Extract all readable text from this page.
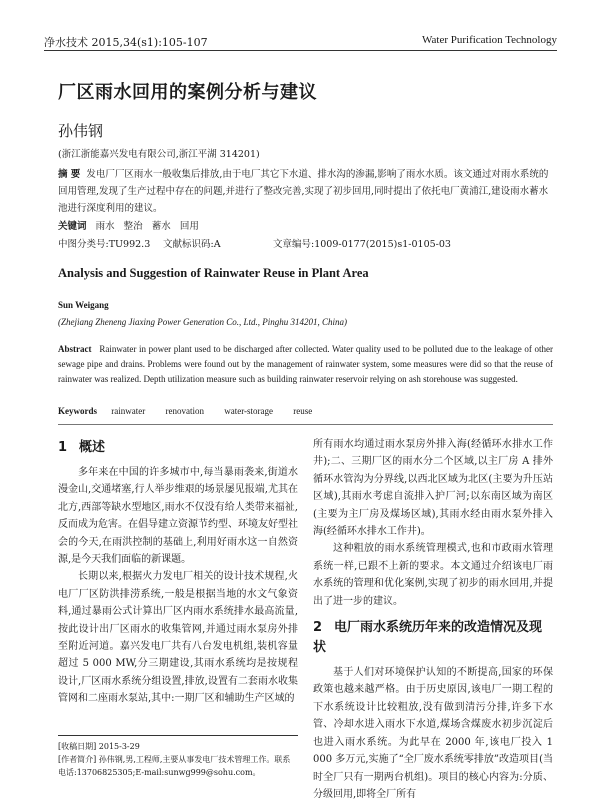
净水技术 2015,34(s1):105-107	Water Purification Technology
厂区雨水回用的案例分析与建议
孙伟钢
(浙江浙能嘉兴发电有限公司,浙江平湖 314201)
摘 要 发电厂厂区雨水一般收集后排放,由于电厂其它下水道、排水沟的渗漏,影响了雨水水质。该文通过对雨水系统的回用管理,发现了生产过程中存在的问题,并进行了整改完善,实现了初步回用,同时提出了依托电厂黄浦江,建设雨水蓄水池进行深度利用的建议。
关键词 雨水 整治 蓄水 回用
中图分类号:TU992.3 文献标识码:A	文章编号:1009-0177(2015)s1-0105-03
Analysis and Suggestion of Rainwater Reuse in Plant Area
Sun Weigang
(Zhejiang Zheneng Jiaxing Power Generation Co., Ltd., Pinghu 314201, China)
Abstract Rainwater in power plant used to be discharged after collected. Water quality used to be polluted due to the leakage of other sewage pipe and drains. Problems were found out by the management of rainwater system, some measures were did so that the reuse of rainwater was realized. Depth utilization measure such as building rainwater reservoir relying on ash storehouse was suggested.
Keywords rainwater renovation water-storage reuse
1 概述

多年来在中国的许多城市中,每当暴雨袭来,街道水漫金山,交通堵塞,行人举步维艰的场景屡见报端,尤其在北方,西部等缺水型地区,雨水不仅没有给人类带来福祉,反而成为危害。在倡导建立资源节约型、环境友好型社会的今天,在雨洪控制的基础上,利用好雨水这一自然资源,是今天我们面临的新课题。

长期以来,根据火力发电厂相关的设计技术规程,火电厂厂区防洪排涝系统,一般是根据当地的水文气象资料,通过暴雨公式计算出厂区内雨水系统排水最高流量,按此设计出厂区雨水的收集管网,并通过雨水泵房外排至附近河道。嘉兴发电厂共有八台发电机组,装机容量超过 5 000 MW,分三期建设,其雨水系统均是按规程设计,厂区雨水系统分组设置,排放,设置有二套雨水收集管网和二座雨水泵站,其中:一期厂区和辅助生产区域的

所有雨水均通过雨水泵房外排入海(经循环水排水工作井);二、三期厂区的雨水分二个区域,以主厂房 A 排外循环水管沟为分界线,以西北区域为北区(主要为升压站区域),其雨水考虑自流排入护厂河;以东南区域为南区(主要为主厂房及煤场区域),其雨水经由雨水泵外排入海(经循环水排水工作井)。

这种粗放的雨水系统管理模式,也和市政雨水管理系统一样,已跟不上新的要求。本文通过介绍该电厂雨水系统的管理和优化案例,实现了初步的雨水回用,并提出了进一步的建议。

2 电厂雨水系统历年来的改造情况及现状

基于人们对环境保护认知的不断提高,国家的环保政策也越来越严格。由于历史原因,该电厂一期工程的下水系统设计比较粗放,没有做到清污分排,许多下水管、冷却水进入雨水下水道,煤场含煤废水初步沉淀后也进入雨水系统。为此早在 2000 年,该电厂投入 1 000 多万元,实施了“全厂废水系统零排放”改造项目(当时全厂只有一期两台机组)。项目的核心内容为:分质、分级回用,即将全厂所有

[收稿日期] 2015-3-29
[作者简介] 孙伟钢,男,工程师,主要从事发电厂技术管理工作。联系电话:13706825305;E-mail:sunwg999@sohu.com。
